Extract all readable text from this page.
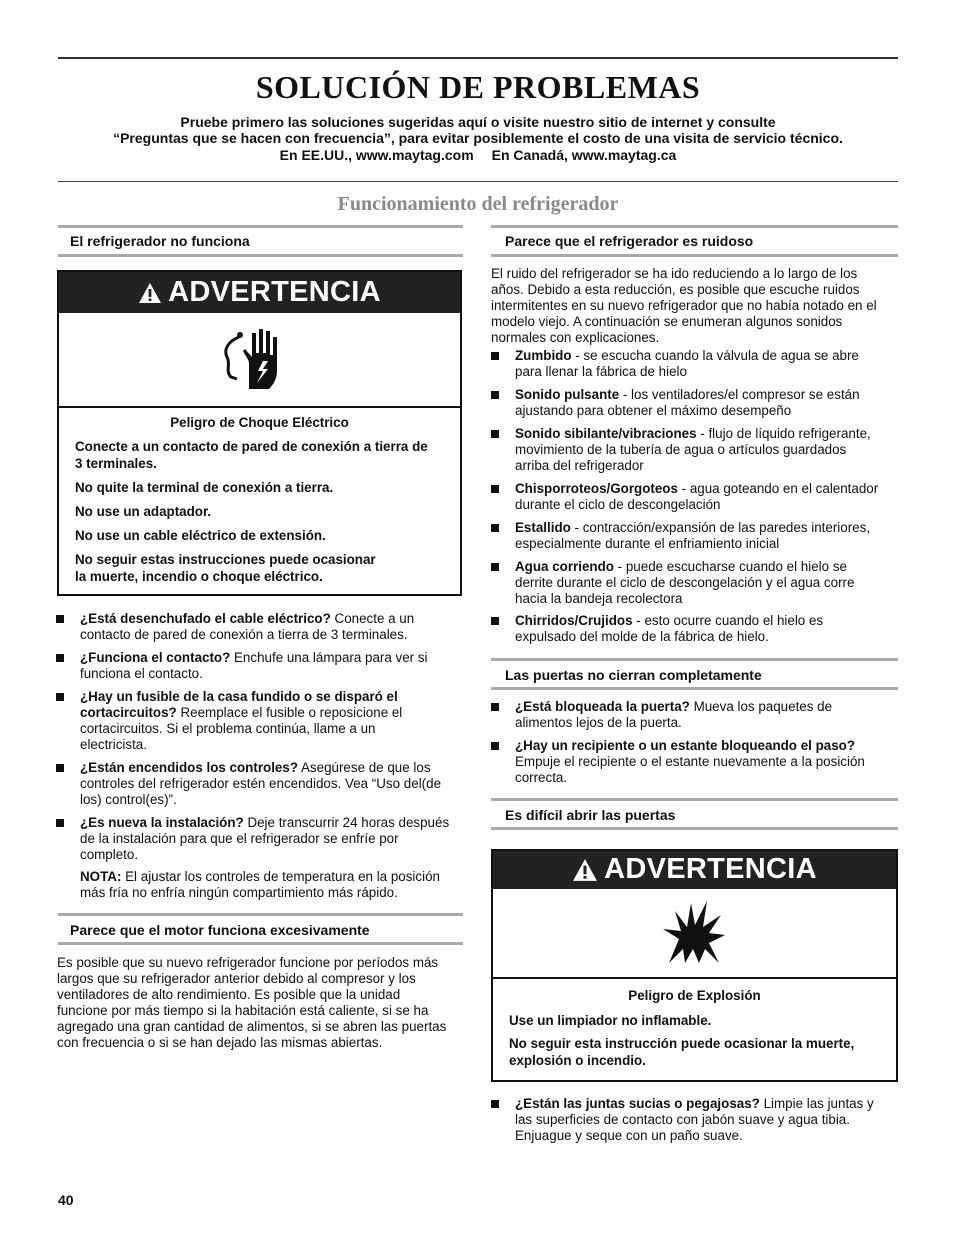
SOLUCIÓN DE PROBLEMAS
Pruebe primero las soluciones sugeridas aquí o visite nuestro sitio de internet y consulte
“Preguntas que se hacen con frecuencia”, para evitar posiblemente el costo de una visita de servicio técnico.
En EE.UU., www.maytag.com En Canadá, www.maytag.ca
Funcionamiento del refrigerador
El refrigerador no funciona
ADVERTENCIA
Peligro de Choque Eléctrico
Conecte a un contacto de pared de conexión a tierra de
3 terminales.
No quite la terminal de conexión a tierra.
No use un adaptador.
No use un cable eléctrico de extensión.
No seguir estas instrucciones puede ocasionar
la muerte, incendio o choque eléctrico.
¿Está desenchufado el cable eléctrico? Conecte a un
contacto de pared de conexión a tierra de 3 terminales.
¿Funciona el contacto? Enchufe una lámpara para ver si
funciona el contacto.
¿Hay un fusible de la casa fundido o se disparó el
cortacircuitos? Reemplace el fusible o reposicione el
cortacircuitos. Si el problema continúa, llame a un
electricista.
¿Están encendidos los controles? Asegúrese de que los
controles del refrigerador estén encendidos. Vea “Uso del(de
los) control(es)”.
¿Es nueva la instalación? Deje transcurrir 24 horas después
de la instalación para que el refrigerador se enfríe por
completo.
NOTA: El ajustar los controles de temperatura en la posición
más fría no enfría ningún compartimiento más rápido.
Parece que el motor funciona excesivamente
Es posible que su nuevo refrigerador funcione por períodos más
largos que su refrigerador anterior debido al compresor y los
ventiladores de alto rendimiento. Es posible que la unidad
funcione por más tiempo si la habitación está caliente, si se ha
agregado una gran cantidad de alimentos, si se abren las puertas
con frecuencia o si se han dejado las mismas abiertas.
Parece que el refrigerador es ruidoso
El ruido del refrigerador se ha ido reduciendo a lo largo de los
años. Debido a esta reducción, es posible que escuche ruidos
intermitentes en su nuevo refrigerador que no había notado en el
modelo viejo. A continuación se enumeran algunos sonidos
normales con explicaciones.
Zumbido - se escucha cuando la válvula de agua se abre
para llenar la fábrica de hielo
Sonido pulsante - los ventiladores/el compresor se están
ajustando para obtener el máximo desempeño
Sonido sibilante/vibraciones - flujo de líquido refrigerante,
movimiento de la tubería de agua o artículos guardados
arriba del refrigerador
Chisporroteos/Gorgoteos - agua goteando en el calentador
durante el ciclo de descongelación
Estallido - contracción/expansión de las paredes interiores,
especialmente durante el enfriamiento inicial
Agua corriendo - puede escucharse cuando el hielo se
derrite durante el ciclo de descongelación y el agua corre
hacia la bandeja recolectora
Chirridos/Crujidos - esto ocurre cuando el hielo es
expulsado del molde de la fábrica de hielo.
Las puertas no cierran completamente
¿Está bloqueada la puerta? Mueva los paquetes de
alimentos lejos de la puerta.
¿Hay un recipiente o un estante bloqueando el paso?
Empuje el recipiente o el estante nuevamente a la posición
correcta.
Es difícil abrir las puertas
ADVERTENCIA
Peligro de Explosión
Use un limpiador no inflamable.
No seguir esta instrucción puede ocasionar la muerte,
explosión o incendio.
¿Están las juntas sucias o pegajosas? Limpie las juntas y
las superficies de contacto con jabón suave y agua tibia.
Enjuague y seque con un paño suave.
40
